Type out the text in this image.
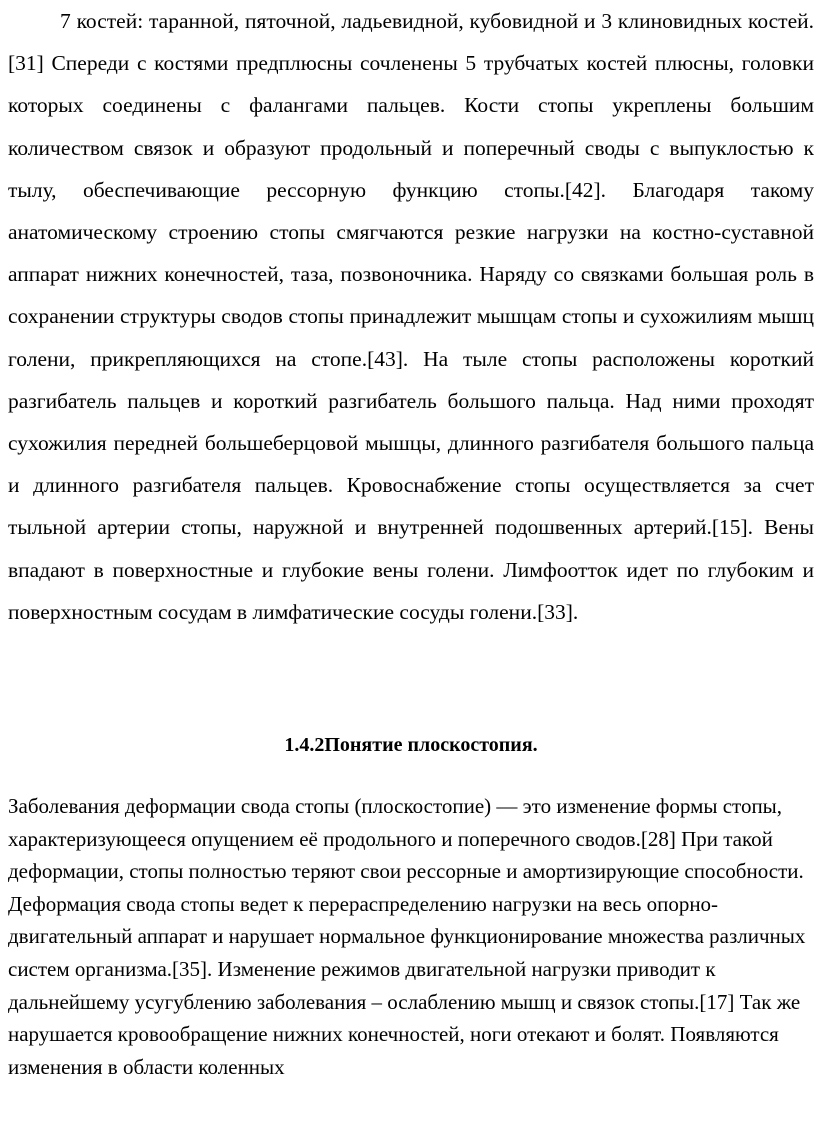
7 костей: таранной, пяточной, ладьевидной, кубовидной и 3 клиновидных костей.[31] Спереди с костями предплюсны сочленены 5 трубчатых костей плюсны, головки которых соединены с фалангами пальцев. Кости стопы укреплены большим количеством связок и образуют продольный и поперечный своды с выпуклостью к тылу, обеспечивающие рессорную функцию стопы.[42]. Благодаря такому анатомическому строению стопы смягчаются резкие нагрузки на костно-суставной аппарат нижних конечностей, таза, позвоночника. Наряду со связками большая роль в сохранении структуры сводов стопы принадлежит мышцам стопы и сухожилиям мышц голени, прикрепляющихся на стопе.[43]. На тыле стопы расположены короткий разгибатель пальцев и короткий разгибатель большого пальца. Над ними проходят сухожилия передней большеберцовой мышцы, длинного разгибателя большого пальца и длинного разгибателя пальцев. Кровоснабжение стопы осуществляется за счет тыльной артерии стопы, наружной и внутренней подошвенных артерий.[15]. Вены впадают в поверхностные и глубокие вены голени. Лимфоотток идет по глубоким и поверхностным сосудам в лимфатические сосуды голени.[33].

1.4.2Понятие плоскостопия.

Заболевания деформации свода стопы (плоскостопие) — это изменение формы стопы, характеризующееся опущением её продольного и поперечного сводов.[28] При такой деформации, стопы полностью теряют свои рессорные и амортизирующие способности. Деформация свода стопы ведет к перераспределению нагрузки на весь опорно-двигательный аппарат и нарушает нормальное функционирование множества различных систем организма.[35]. Изменение режимов двигательной нагрузки приводит к дальнейшему усугублению заболевания – ослаблению мышц и связок стопы.[17] Так же нарушается кровообращение нижних конечностей, ноги отекают и болят. Появляются изменения в области коленных
